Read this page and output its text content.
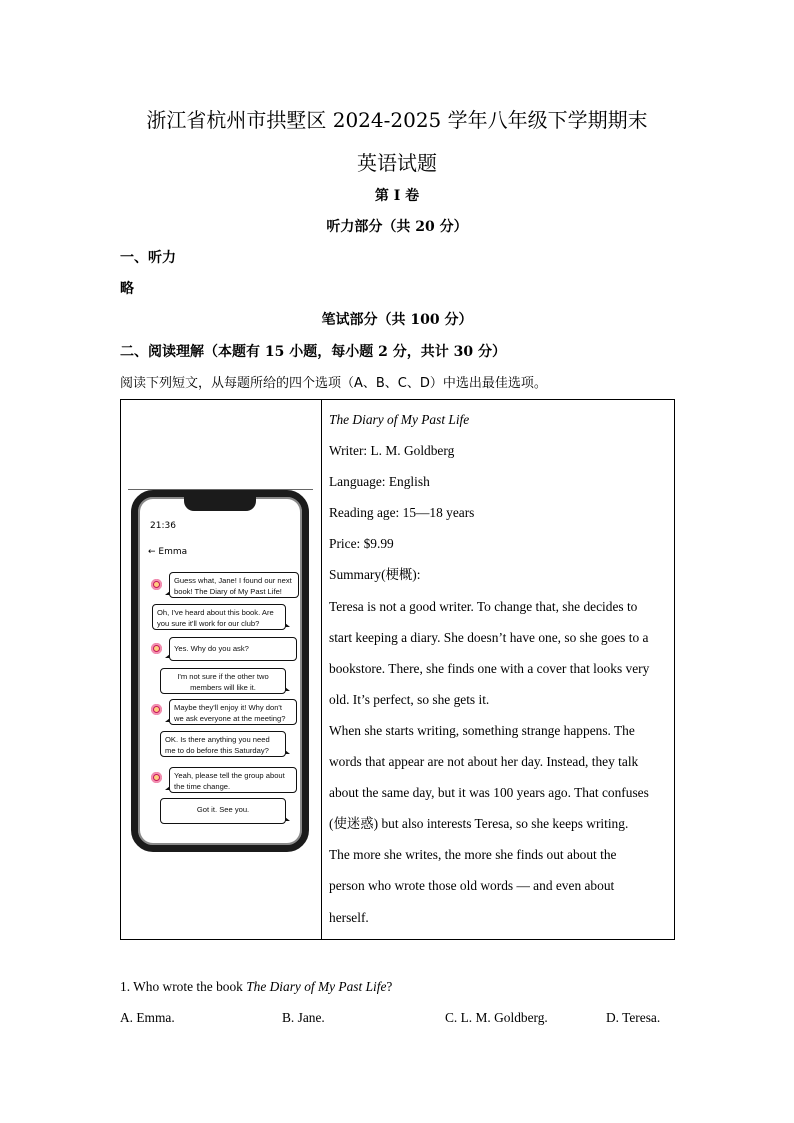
浙江省杭州市拱墅区 2024-2025 学年八年级下学期期末
英语试题
第 I 卷
听力部分（共 20 分）
一、听力
略
笔试部分（共 100 分）
二、阅读理解（本题有 15 小题，每小题 2 分，共计 30 分）
阅读下列短文，从每题所给的四个选项（A、B、C、D）中选出最佳选项。

21:36
← Emma
Guess what, Jane! I found our next book! The Diary of My Past Life!
Oh, I've heard about this book. Are you sure it'll work for our club?
Yes. Why do you ask?
I'm not sure if the other two members will like it.
Maybe they'll enjoy it! Why don't we ask everyone at the meeting?
OK. Is there anything you need me to do before this Saturday?
Yeah, please tell the group about the time change.
Got it. See you.
The Diary of My Past Life
Writer: L. M. Goldberg
Language: English
Reading age: 15—18 years
Price: $9.99
Summary(梗概):
Teresa is not a good writer. To change that, she decides to
start keeping a diary. She doesn’t have one, so she goes to a
bookstore. There, she finds one with a cover that looks very
old. It’s perfect, so she gets it.
When she starts writing, something strange happens. The
words that appear are not about her day. Instead, they talk
about the same day, but it was 100 years ago. That confuses
(使迷惑) but also interests Teresa, so she keeps writing.
The more she writes, the more she finds out about the
person who wrote those old words — and even about
herself.
1. Who wrote the book The Diary of My Past Life?
A. Emma.	B. Jane.	C. L. M. Goldberg.	D. Teresa.
